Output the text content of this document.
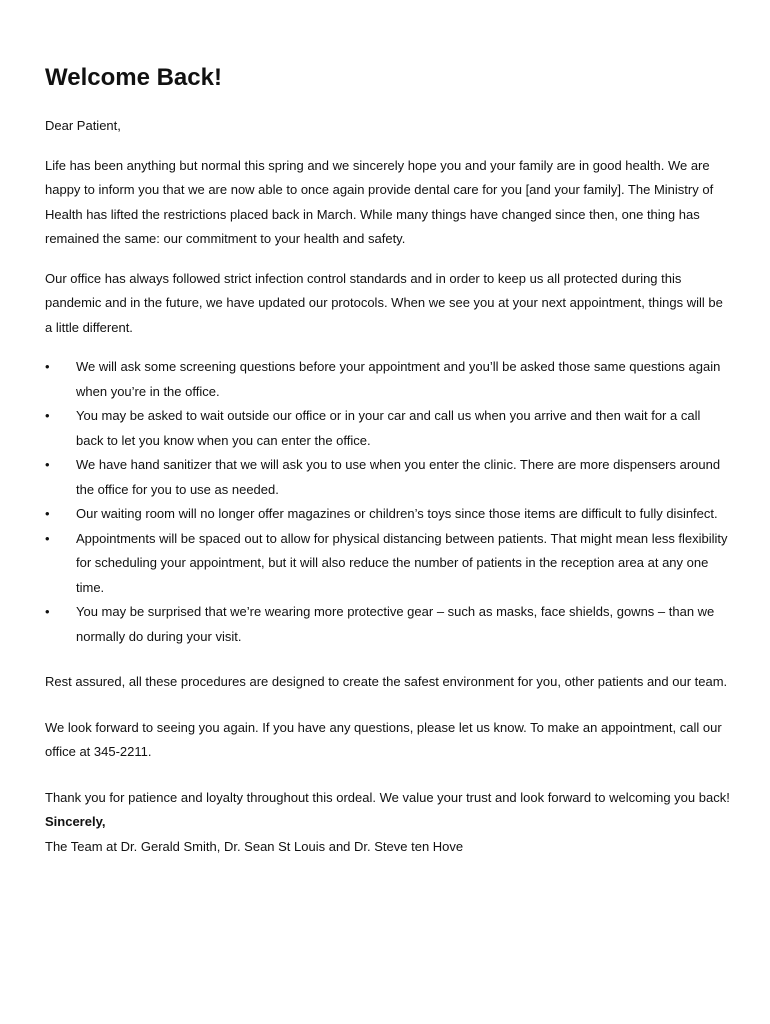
Welcome Back!

Dear Patient,

Life has been anything but normal this spring and we sincerely hope you and your family are in good health. We are happy to inform you that we are now able to once again provide dental care for you [and your family]. The Ministry of Health has lifted the restrictions placed back in March. While many things have changed since then, one thing has remained the same: our commitment to your health and safety.

Our office has always followed strict infection control standards and in order to keep us all protected during this pandemic and in the future, we have updated our protocols. When we see you at your next appointment, things will be a little different.

• We will ask some screening questions before your appointment and you’ll be asked those same questions again when you’re in the office.
• You may be asked to wait outside our office or in your car and call us when you arrive and then wait for a call back to let you know when you can enter the office.
• We have hand sanitizer that we will ask you to use when you enter the clinic. There are more dispensers around the office for you to use as needed.
• Our waiting room will no longer offer magazines or children’s toys since those items are difficult to fully disinfect.
• Appointments will be spaced out to allow for physical distancing between patients. That might mean less flexibility for scheduling your appointment, but it will also reduce the number of patients in the reception area at any one time.
• You may be surprised that we’re wearing more protective gear – such as masks, face shields, gowns – than we normally do during your visit.

Rest assured, all these procedures are designed to create the safest environment for you, other patients and our team.

We look forward to seeing you again. If you have any questions, please let us know. To make an appointment, call our office at 345-2211.

Thank you for patience and loyalty throughout this ordeal. We value your trust and look forward to welcoming you back!

Sincerely,

The Team at Dr. Gerald Smith, Dr. Sean St Louis and Dr. Steve ten Hove
